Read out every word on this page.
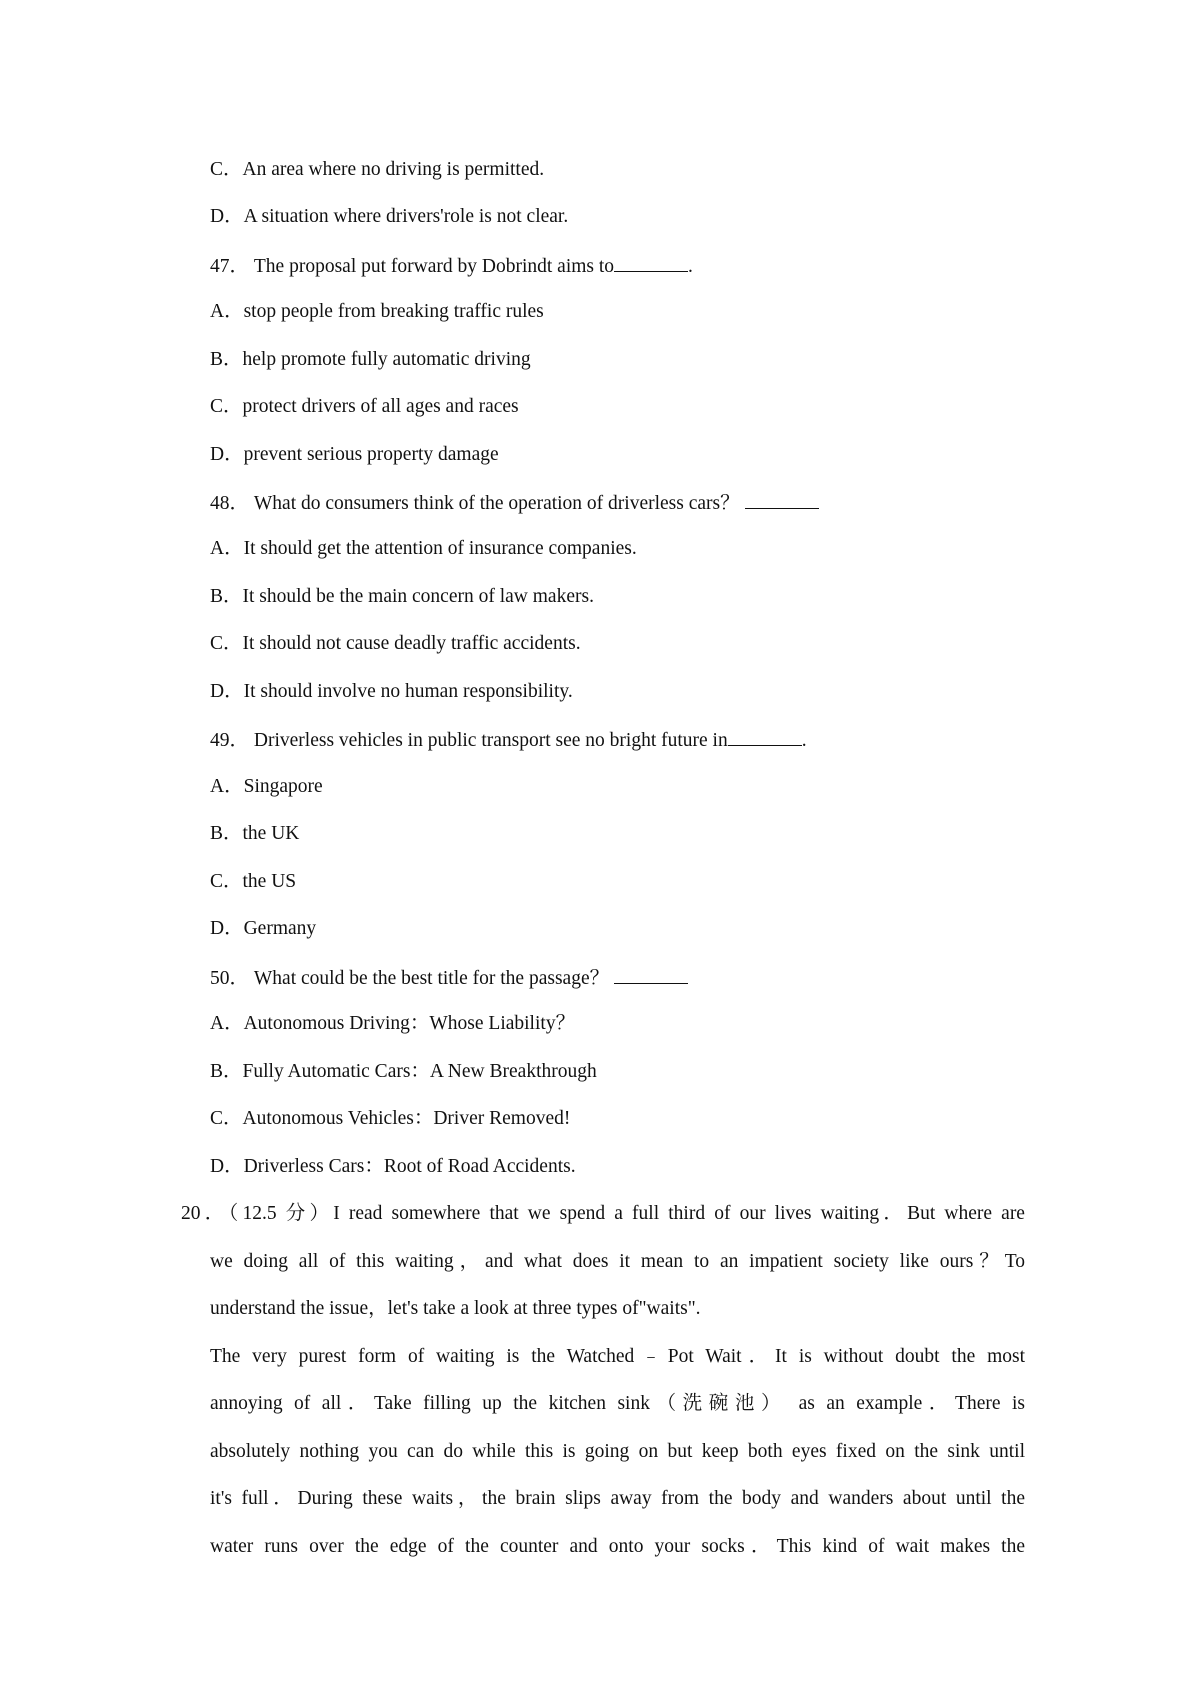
C．An area where no driving is permitted.
D．A situation where drivers'role is not clear.
47． The proposal put forward by Dobrindt aims to	.
A．stop people from breaking traffic rules
B．help promote fully automatic driving
C．protect drivers of all ages and races
D．prevent serious property damage
48． What do consumers think of the operation of driverless cars？
A．It should get the attention of insurance companies.
B．It should be the main concern of law makers.
C．It should not cause deadly traffic accidents.
D．It should involve no human responsibility.
49． Driverless vehicles in public transport see no bright future in	.
A．Singapore
B．the UK
C．the US
D．Germany
50． What could be the best title for the passage？
A．Autonomous Driving：Whose Liability？
B．Fully Automatic Cars：A New Breakthrough
C．Autonomous Vehicles：Driver Removed!
D．Driverless Cars：Root of Road Accidents.
20．（12.5 分）I read somewhere that we spend a full third of our lives waiting．But where are
we doing all of this waiting，and what does it mean to an impatient society like ours？To
understand the issue，let's take a look at three types of"waits".
The very purest form of waiting is the Watched﹣Pot Wait．It is without doubt the most
annoying of all．Take filling up the kitchen sink（洗碗池） as an example．There is
absolutely nothing you can do while this is going on but keep both eyes fixed on the sink until
it's full．During these waits，the brain slips away from the body and wanders about until the
water runs over the edge of the counter and onto your socks．This kind of wait makes the
